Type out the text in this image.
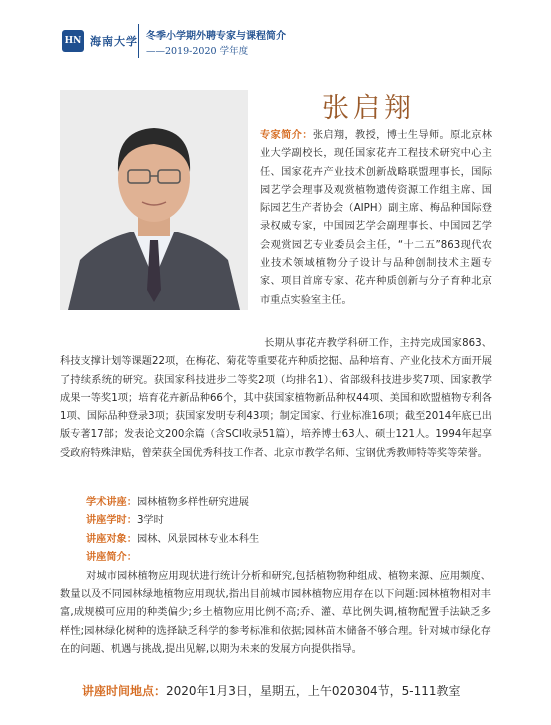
HN 海南大学 冬季小学期外聘专家与课程简介
——2019-2020 学年度
张启翔
专家简介：张启翔，教授，博士生导师。原北京林业大学副校长，现任国家花卉工程技术研究中心主任、国家花卉产业技术创新战略联盟理事长，国际园艺学会理事及观赏植物遗传资源工作组主席、国际园艺生产者协会（AIPH）副主席、梅品种国际登录权威专家，中国园艺学会副理事长、中国园艺学会观赏园艺专业委员会主任，“十二五”863现代农业技术领域植物分子设计与品种创制技术主题专家、项目首席专家、花卉种质创新与分子育种北京市重点实验室主任。
长期从事花卉教学科研工作，主持完成国家863、科技支撑计划等课题22项，在梅花、菊花等重要花卉种质挖掘、品种培育、产业化技术方面开展了持续系统的研究。获国家科技进步二等奖2项（均排名1）、省部级科技进步奖7项、国家教学成果一等奖1项；培育花卉新品种66个，其中获国家植物新品种权44项、美国和欧盟植物专利各1项、国际品种登录3项；获国家发明专利43项；制定国家、行业标准16项；截至2014年底已出版专著17部；发表论文200余篇（含SCI收录51篇），培养博士63人、硕士121人。1994年起享受政府特殊津贴，曾荣获全国优秀科技工作者、北京市教学名师、宝钢优秀教师特等奖等荣誉。
学术讲座：园林植物多样性研究进展
讲座学时：3学时
讲座对象：园林、风景园林专业本科生
讲座简介：
对城市园林植物应用现状进行统计分析和研究,包括植物物种组成、植物来源、应用频度、数量以及不同园林绿地植物应用现状,指出目前城市园林植物应用存在以下问题:园林植物相对丰富,成规模可应用的种类偏少;乡土植物应用比例不高;乔、灌、草比例失调,植物配置手法缺乏多样性;园林绿化树种的选择缺乏科学的参考标准和依据;园林苗木储备不够合理。针对城市绿化存在的问题、机遇与挑战,提出见解,以期为未来的发展方向提供指导。
讲座时间地点：2020年1月3日，星期五，上午020304节，5-111教室
